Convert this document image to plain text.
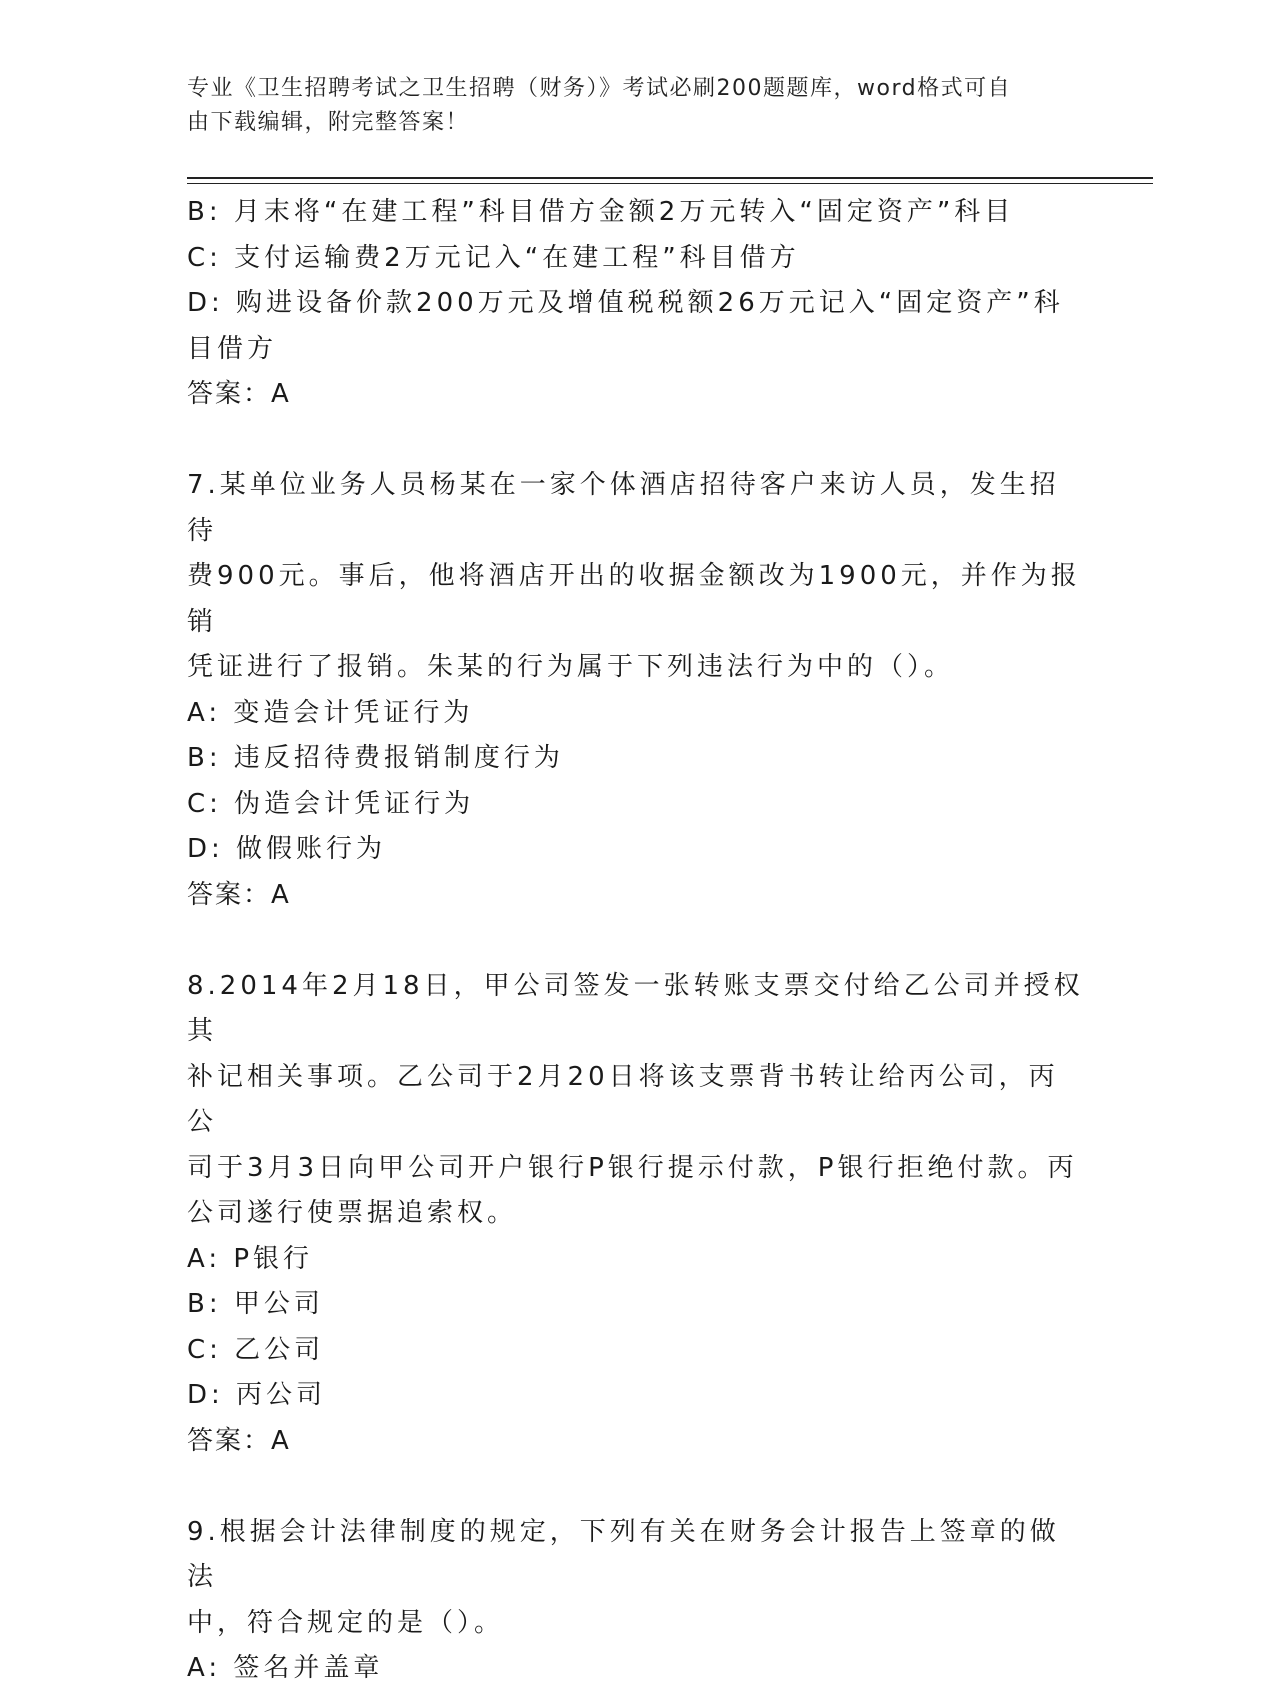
专业《卫生招聘考试之卫生招聘（财务）》考试必刷200题题库，word格式可自
由下载编辑，附完整答案！
B: 月末将“在建工程”科目借方金额2万元转入“固定资产”科目
C: 支付运输费2万元记入“在建工程”科目借方
D: 购进设备价款200万元及增值税税额26万元记入“固定资产”科
目借方
答案：A
7.某单位业务人员杨某在一家个体酒店招待客户来访人员，发生招待
费900元。事后，他将酒店开出的收据金额改为1900元，并作为报销
凭证进行了报销。朱某的行为属于下列违法行为中的（）。
A: 变造会计凭证行为
B: 违反招待费报销制度行为
C: 伪造会计凭证行为
D: 做假账行为
答案：A
8.2014年2月18日，甲公司签发一张转账支票交付给乙公司并授权其
补记相关事项。乙公司于2月20日将该支票背书转让给丙公司，丙公
司于3月3日向甲公司开户银行P银行提示付款，P银行拒绝付款。丙
公司遂行使票据追索权。
A: P银行
B: 甲公司
C: 乙公司
D: 丙公司
答案：A
9.根据会计法律制度的规定，下列有关在财务会计报告上签章的做法
中，符合规定的是（）。
A: 签名并盖章
